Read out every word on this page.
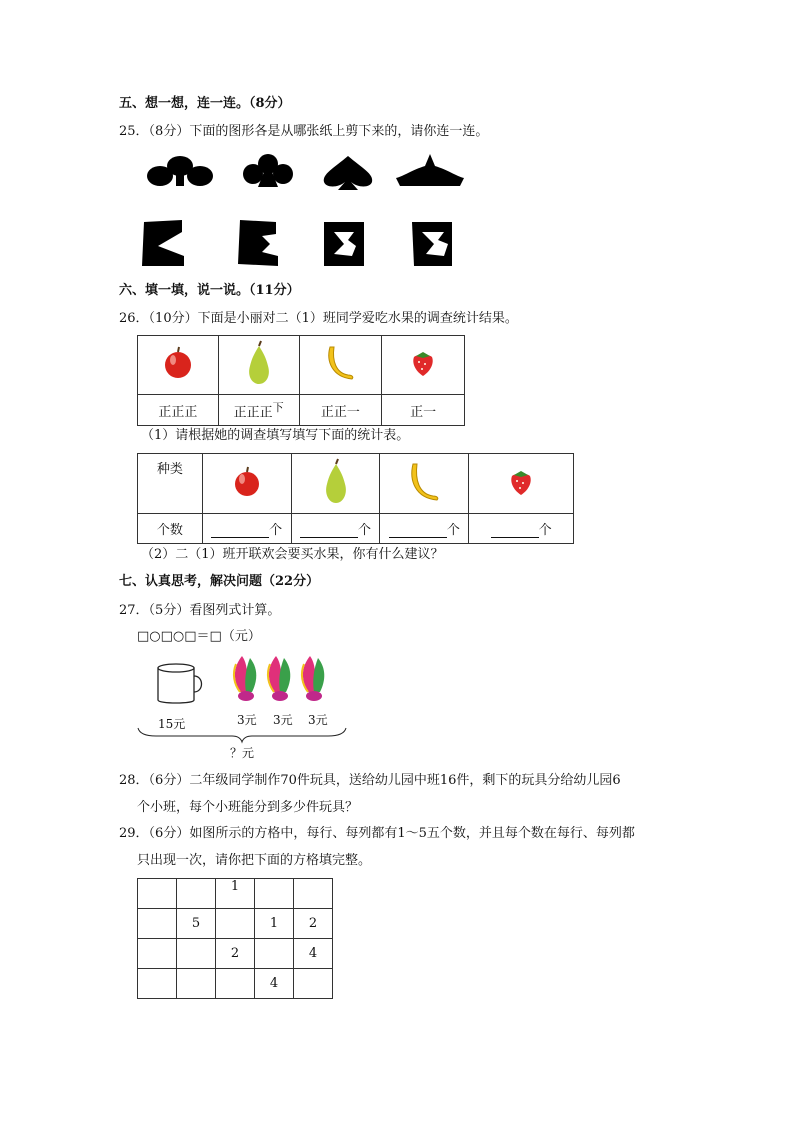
五、想一想，连一连。（8分）
25．（8分）下面的图形各是从哪张纸上剪下来的，请你连一连。
六、填一填，说一说。（11分）
26．（10分）下面是小丽对二（1）班同学爱吃水果的调查统计结果。

正正正	正正正$^下$	正正一	正一
（1）请根据她的调查填写填写下面的统计表。
种类				
个数	个	个	个	个
（2）二（1）班开联欢会要买水果，你有什么建议？
七、认真思考，解决问题（22分）
27．（5分）看图列式计算。
□○□○□＝□（元）
15元	3元 3元 3元
？元
28．（6分）二年级同学制作70件玩具，送给幼儿园中班16件，剩下的玩具分给幼儿园6
个小班，每个小班能分到多少件玩具？
29．（6分）如图所示的方格中，每行、每列都有1～5五个数，并且每个数在每行、每列都
只出现一次，请你把下面的方格填完整。
		1		
	5		1	2
		2		4
			4	
